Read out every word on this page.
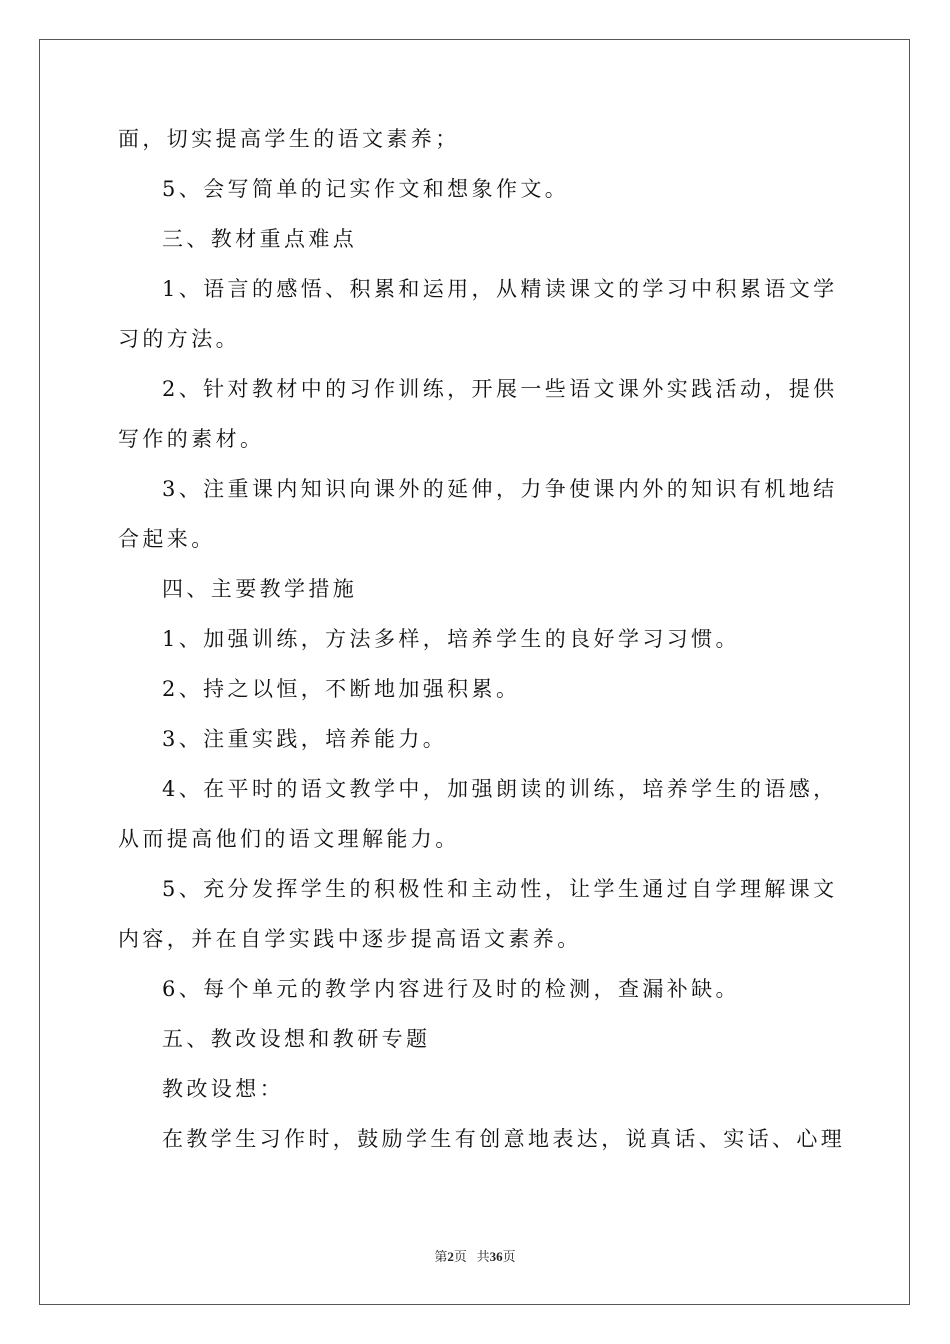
面，切实提高学生的语文素养；
5、会写简单的记实作文和想象作文。
三、教材重点难点
1、语言的感悟、积累和运用，从精读课文的学习中积累语文学
习的方法。
2、针对教材中的习作训练，开展一些语文课外实践活动，提供
写作的素材。
3、注重课内知识向课外的延伸，力争使课内外的知识有机地结
合起来。
四、主要教学措施
1、加强训练，方法多样，培养学生的良好学习习惯。
2、持之以恒，不断地加强积累。
3、注重实践，培养能力。
4、在平时的语文教学中，加强朗读的训练，培养学生的语感，
从而提高他们的语文理解能力。
5、充分发挥学生的积极性和主动性，让学生通过自学理解课文
内容，并在自学实践中逐步提高语文素养。
6、每个单元的教学内容进行及时的检测，查漏补缺。
五、教改设想和教研专题
教改设想：
在教学生习作时，鼓励学生有创意地表达，说真话、实话、心理
第2页 共36页
